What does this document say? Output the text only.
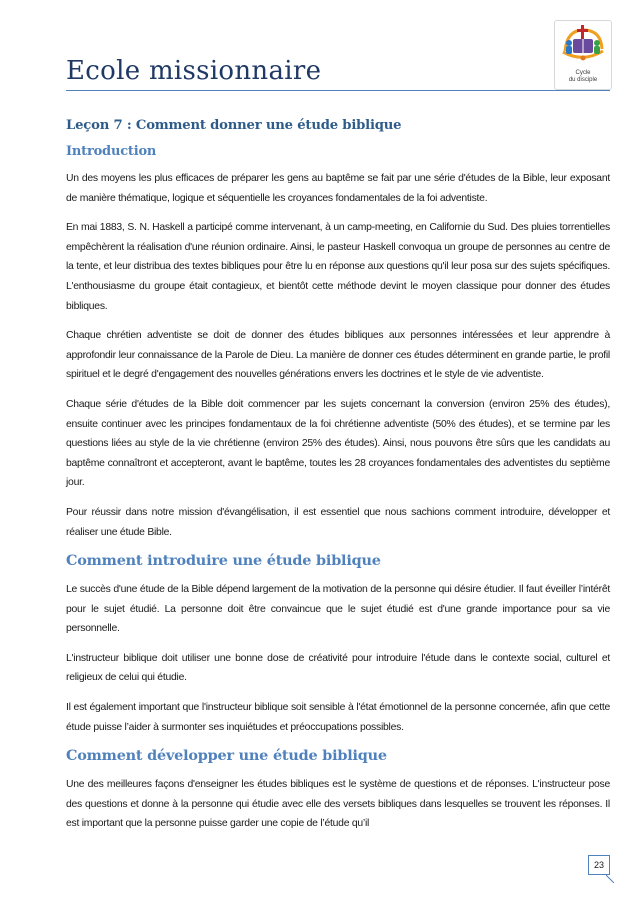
Ecole missionnaire	Cycle
du disciple
Leçon 7 : Comment donner une étude biblique
Introduction

Un des moyens les plus efficaces de préparer les gens au baptême se fait par une série d'études de la Bible, leur exposant de manière thématique, logique et séquentielle les croyances fondamentales de la foi adventiste.

En mai 1883, S. N. Haskell a participé comme intervenant, à un camp-meeting, en Californie du Sud. Des pluies torrentielles empêchèrent la réalisation d'une réunion ordinaire. Ainsi, le pasteur Haskell convoqua un groupe de personnes au centre de la tente, et leur distribua des textes bibliques pour être lu en réponse aux questions qu'il leur posa sur des sujets spécifiques. L'enthousiasme du groupe était contagieux, et bientôt cette méthode devint le moyen classique pour donner des études bibliques.

Chaque chrétien adventiste se doit de donner des études bibliques aux personnes intéressées et leur apprendre à approfondir leur connaissance de la Parole de Dieu. La manière de donner ces études déterminent en grande partie, le profil spirituel et le degré d'engagement des nouvelles générations envers les doctrines et le style de vie adventiste.

Chaque série d'études de la Bible doit commencer par les sujets concernant la conversion (environ 25% des études), ensuite continuer avec les principes fondamentaux de la foi chrétienne adventiste (50% des études), et se termine par les questions liées au style de la vie chrétienne (environ 25% des études). Ainsi, nous pouvons être sûrs que les candidats au baptême connaîtront et accepteront, avant le baptême, toutes les 28 croyances fondamentales des adventistes du septième jour.

Pour réussir dans notre mission d'évangélisation, il est essentiel que nous sachions comment introduire, développer et réaliser une étude Bible.

Comment introduire une étude biblique

Le succès d'une étude de la Bible dépend largement de la motivation de la personne qui désire étudier. Il faut éveiller l’intérêt pour le sujet étudié. La personne doit être convaincue que le sujet étudié est d'une grande importance pour sa vie personnelle.

L'instructeur biblique doit utiliser une bonne dose de créativité pour introduire l'étude dans le contexte social, culturel et religieux de celui qui étudie.

Il est également important que l'instructeur biblique soit sensible à l'état émotionnel de la personne concernée, afin que cette étude puisse l’aider à surmonter ses inquiétudes et préoccupations possibles.

Comment développer une étude biblique

Une des meilleures façons d'enseigner les études bibliques est le système de questions et de réponses. L'instructeur pose des questions et donne à la personne qui étudie avec elle des versets bibliques dans lesquelles se trouvent les réponses. Il est important que la personne puisse garder une copie de l’étude qu’il

23
